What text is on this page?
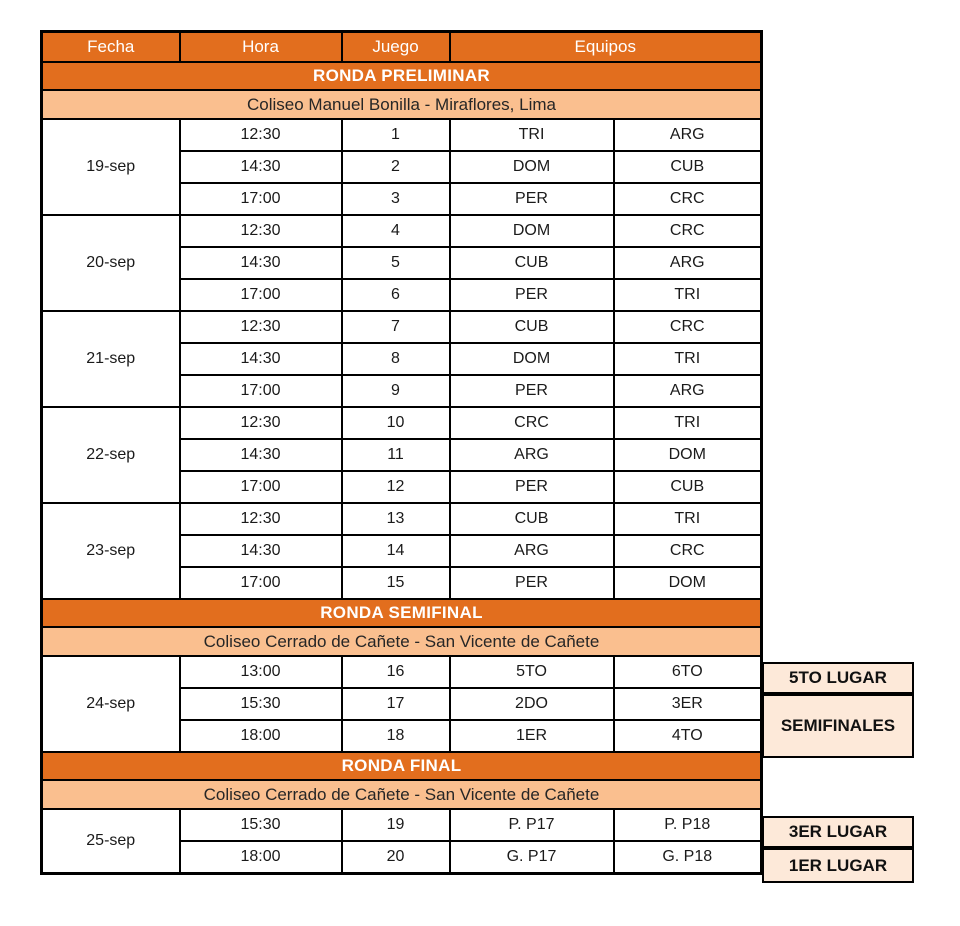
Fecha	Hora	Juego	Equipos	
RONDA PRELIMINAR				
Coliseo Manuel Bonilla - Miraflores, Lima				
19-sep	12:30	1	TRI	ARG
	14:30	2	DOM	CUB
	17:00	3	PER	CRC
20-sep	12:30	4	DOM	CRC
	14:30	5	CUB	ARG
	17:00	6	PER	TRI
21-sep	12:30	7	CUB	CRC
	14:30	8	DOM	TRI
	17:00	9	PER	ARG
22-sep	12:30	10	CRC	TRI
	14:30	11	ARG	DOM
	17:00	12	PER	CUB
23-sep	12:30	13	CUB	TRI
	14:30	14	ARG	CRC
	17:00	15	PER	DOM
RONDA SEMIFINAL				
Coliseo Cerrado de Cañete - San Vicente de Cañete				
24-sep	13:00	16	5TO	6TO
	15:30	17	2DO	3ER
	18:00	18	1ER	4TO
RONDA FINAL				
Coliseo Cerrado de Cañete - San Vicente de Cañete				
25-sep	15:30	19	P. P17	P. P18
	18:00	20	G. P17	G. P18
5TO LUGAR
SEMIFINALES
3ER LUGAR
1ER LUGAR
